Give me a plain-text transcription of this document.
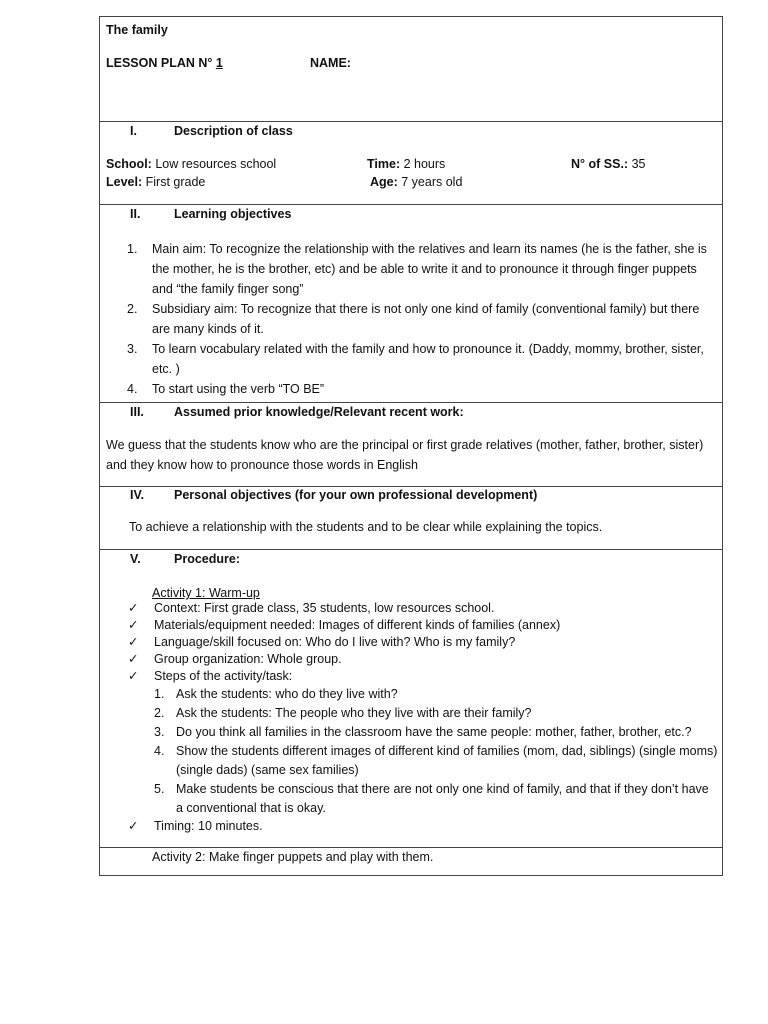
The family
LESSON PLAN N° 1	NAME:
I.	Description of class
School: Low resources school	Time: 2 hours	N° of SS.: 35
Level: First grade	Age: 7 years old
II.	Learning objectives
1. Main aim: To recognize the relationship with the relatives and learn its names (he is the father, she is the mother, he is the brother, etc) and be able to write it and to pronounce it through finger puppets and “the family finger song”
2. Subsidiary aim: To recognize that there is not only one kind of family (conventional family) but there are many kinds of it.
3. To learn vocabulary related with the family and how to pronounce it. (Daddy, mommy, brother, sister, etc. )
4. To start using the verb “TO BE”
III. Assumed prior knowledge/Relevant recent work:
We guess that the students know who are the principal or first grade relatives (mother, father, brother, sister) and they know how to pronounce those words in English
IV. Personal objectives (for your own professional development)
To achieve a relationship with the students and to be clear while explaining the topics.
V.	Procedure:
Activity 1: Warm-up
✓ Context: First grade class, 35 students, low resources school.
✓ Materials/equipment needed: Images of different kinds of families (annex)
✓ Language/skill focused on: Who do I live with? Who is my family?
✓ Group organization: Whole group.
✓ Steps of the activity/task:
1. Ask the students: who do they live with?
2. Ask the students: The people who they live with are their family?
3. Do you think all families in the classroom have the same people: mother, father, brother, etc.?
4. Show the students different images of different kind of families (mom, dad, siblings) (single moms) (single dads) (same sex families)
5. Make students be conscious that there are not only one kind of family, and that if they don’t have a conventional that is okay.
✓ Timing: 10 minutes.
Activity 2: Make finger puppets and play with them.
